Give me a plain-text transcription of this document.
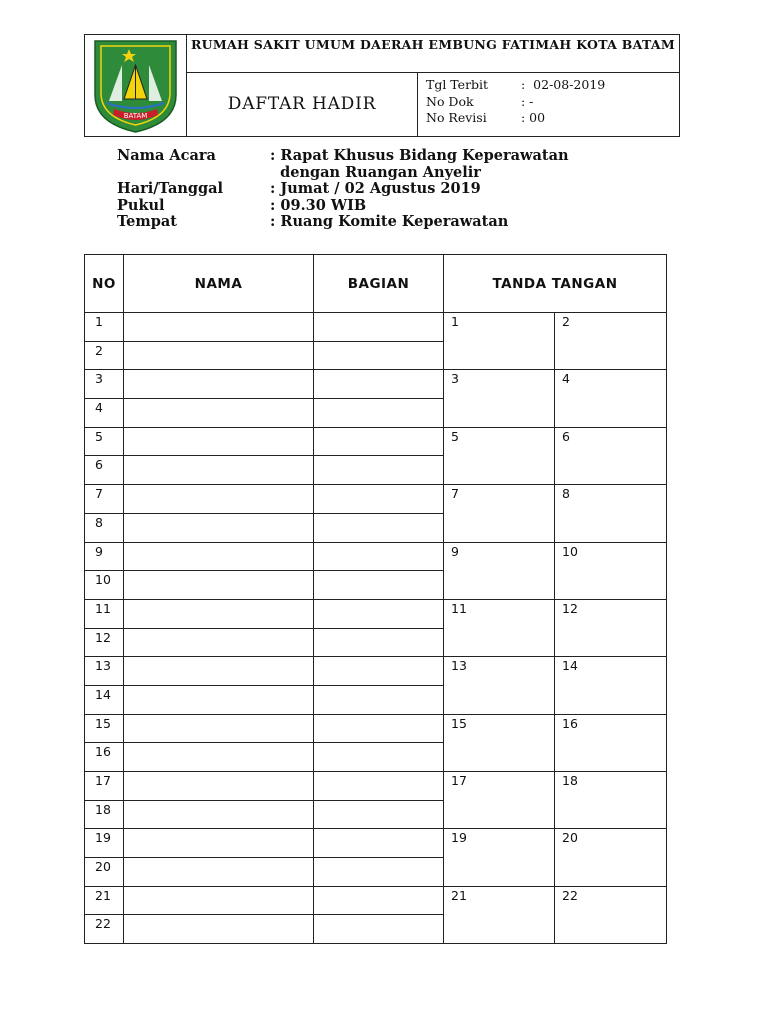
BATAM
RUMAH SAKIT UMUM DAERAH EMBUNG FATIMAH KOTA BATAM
DAFTAR HADIR
Tgl Terbit	:  02-08-2019
No Dok	: -
No Revisi	: 00
Nama Acara	: Rapat Khusus Bidang Keperawatan
dengan Ruangan Anyelir
Hari/Tanggal	: Jumat / 02 Agustus 2019
Pukul	: 09.30 WIB
Tempat	: Ruang Komite Keperawatan
NO	NAMA	BAGIAN	TANDA TANGAN	
1			1	2
2				
3			3	4
4				
5			5	6
6				
7			7	8
8				
9			9	10
10				
11			11	12
12				
13			13	14
14				
15			15	16
16				
17			17	18
18				
19			19	20
20				
21			21	22
22				
